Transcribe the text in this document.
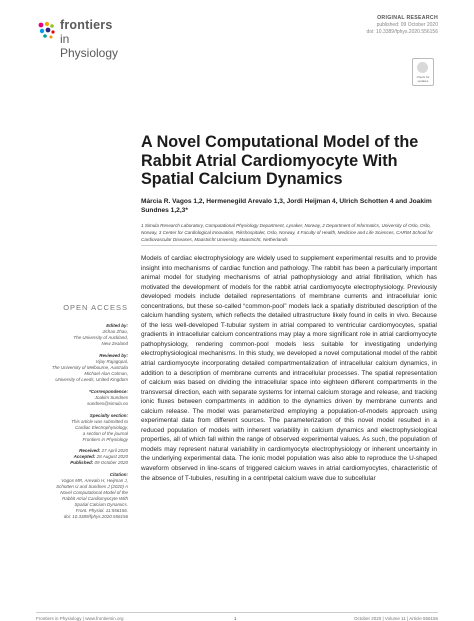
frontiers
in Physiology
ORIGINAL RESEARCH
published: 09 October 2020
doi: 10.3389/fphys.2020.556156
Check for updates
A Novel Computational Model of the Rabbit Atrial Cardiomyocyte With Spatial Calcium Dynamics
Márcia R. Vagos 1,2, Hermenegild Arevalo 1,3, Jordi Heijman 4, Ulrich Schotten 4 and Joakim Sundnes 1,2,3*
1 Simula Research Laboratory, Computational Physiology Department, Lysaker, Norway, 2 Department of Informatics, University of Oslo, Oslo, Norway, 3 Center for Cardiological Innovation, Rikshospitalet, Oslo, Norway, 4 Faculty of Health, Medicine and Life Sciences, CARIM School for Cardiovascular Diseases, Maastricht University, Maastricht, Netherlands
OPEN ACCESS
Edited by:
Jichao Zhao,
The University of Auckland,
New Zealand
Reviewed by:
Vijay Rajagopal,
The University of Melbourne, Australia
Michael Alan Colman,
University of Leeds, United Kingdom
*Correspondence:
Joakim Sundnes
sundnes@simula.no
Specialty section:
This article was submitted to
Cardiac Electrophysiology,
a section of the journal
Frontiers in Physiology
Received: 27 April 2020
Accepted: 28 August 2020
Published: 09 October 2020
Citation:
Vagos MR, Arevalo H, Heijman J,
Schotten U and Sundnes J (2020) A
Novel Computational Model of the
Rabbit Atrial Cardiomyocyte With
Spatial Calcium Dynamics.
Front. Physiol. 11:556156.
doi: 10.3389/fphys.2020.556156
Models of cardiac electrophysiology are widely used to supplement experimental results and to provide insight into mechanisms of cardiac function and pathology. The rabbit has been a particularly important animal model for studying mechanisms of atrial pathophysiology and atrial fibrillation, which has motivated the development of models for the rabbit atrial cardiomyocyte electrophysiology. Previously developed models include detailed representations of membrane currents and intracellular ionic concentrations, but these so-called “common-pool” models lack a spatially distributed description of the calcium handling system, which reflects the detailed ultrastructure likely found in cells in vivo. Because of the less well-developed T-tubular system in atrial compared to ventricular cardiomyocytes, spatial gradients in intracellular calcium concentrations may play a more significant role in atrial cardiomyocyte pathophysiology, rendering common-pool models less suitable for investigating underlying electrophysiological mechanisms. In this study, we developed a novel computational model of the rabbit atrial cardiomyocyte incorporating detailed compartmentalization of intracellular calcium dynamics, in addition to a description of membrane currents and intracellular processes. The spatial representation of calcium was based on dividing the intracellular space into eighteen different compartments in the transversal direction, each with separate systems for internal calcium storage and release, and tracking ionic fluxes between compartments in addition to the dynamics driven by membrane currents and calcium release. The model was parameterized employing a population-of-models approach using experimental data from different sources. The parameterization of this novel model resulted in a reduced population of models with inherent variability in calcium dynamics and electrophysiological properties, all of which fall within the range of observed experimental values. As such, the population of models may represent natural variability in cardiomyocyte electrophysiology or inherent uncertainty in the underlying experimental data. The ionic model population was also able to reproduce the U-shaped waveform observed in line-scans of triggered calcium waves in atrial cardiomyocytes, characteristic of the absence of T-tubules, resulting in a centripetal calcium wave due to subcellular
Frontiers in Physiology | www.frontiersin.org	1	October 2020 | Volume 11 | Article 556156
